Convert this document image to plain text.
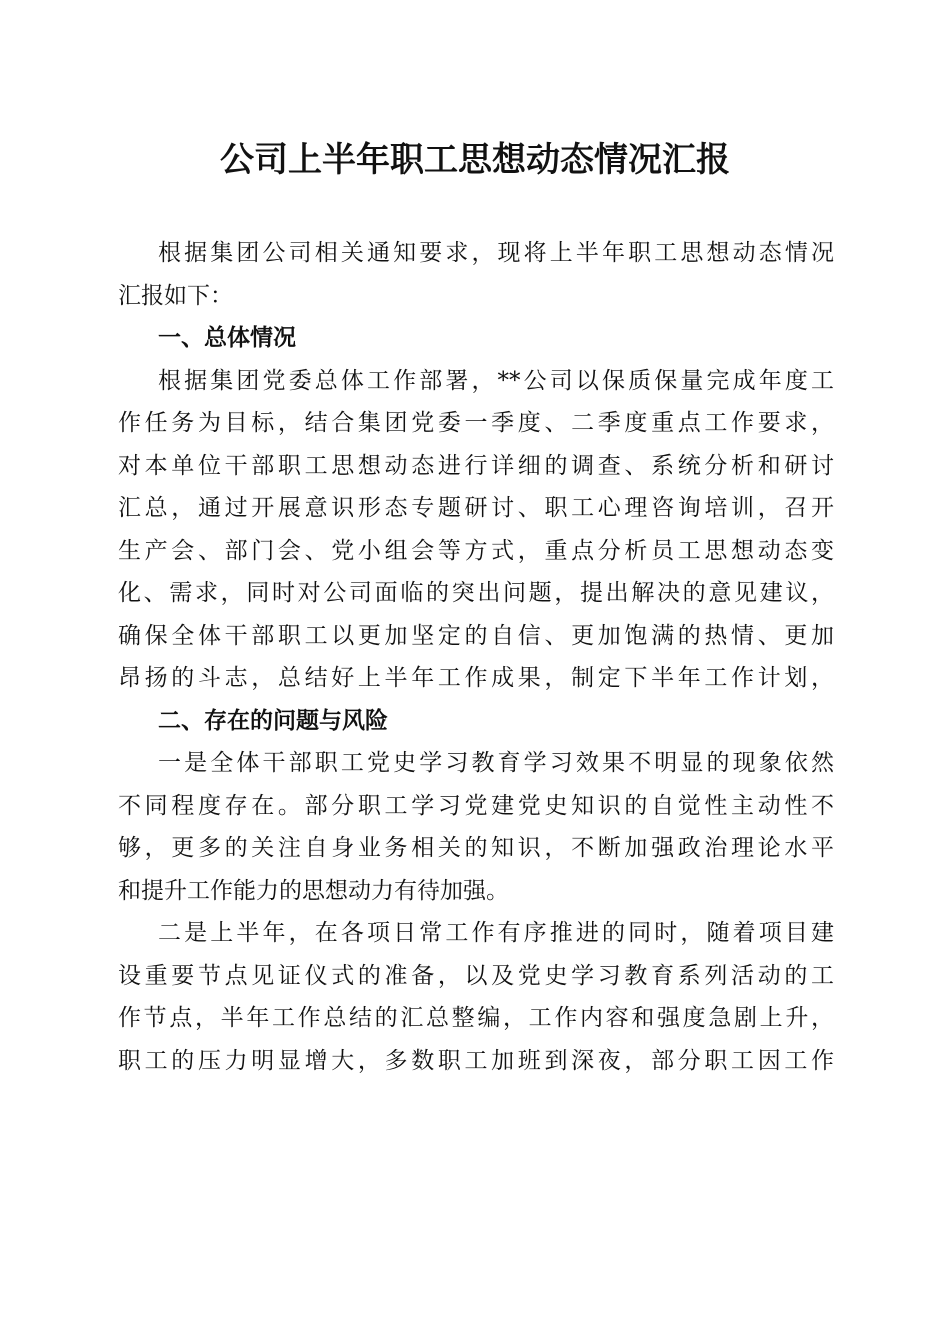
公司上半年职工思想动态情况汇报
根据集团公司相关通知要求，现将上半年职工思想动态情况
汇报如下：
一、总体情况
根据集团党委总体工作部署，**公司以保质保量完成年度工
作任务为目标，结合集团党委一季度、二季度重点工作要求，
对本单位干部职工思想动态进行详细的调查、系统分析和研讨
汇总，通过开展意识形态专题研讨、职工心理咨询培训，召开
生产会、部门会、党小组会等方式，重点分析员工思想动态变
化、需求，同时对公司面临的突出问题，提出解决的意见建议，
确保全体干部职工以更加坚定的自信、更加饱满的热情、更加
昂扬的斗志，总结好上半年工作成果，制定下半年工作计划，
二、存在的问题与风险
一是全体干部职工党史学习教育学习效果不明显的现象依然
不同程度存在。部分职工学习党建党史知识的自觉性主动性不
够，更多的关注自身业务相关的知识，不断加强政治理论水平
和提升工作能力的思想动力有待加强。
二是上半年，在各项日常工作有序推进的同时，随着项目建
设重要节点见证仪式的准备，以及党史学习教育系列活动的工
作节点，半年工作总结的汇总整编，工作内容和强度急剧上升，
职工的压力明显增大，多数职工加班到深夜，部分职工因工作
